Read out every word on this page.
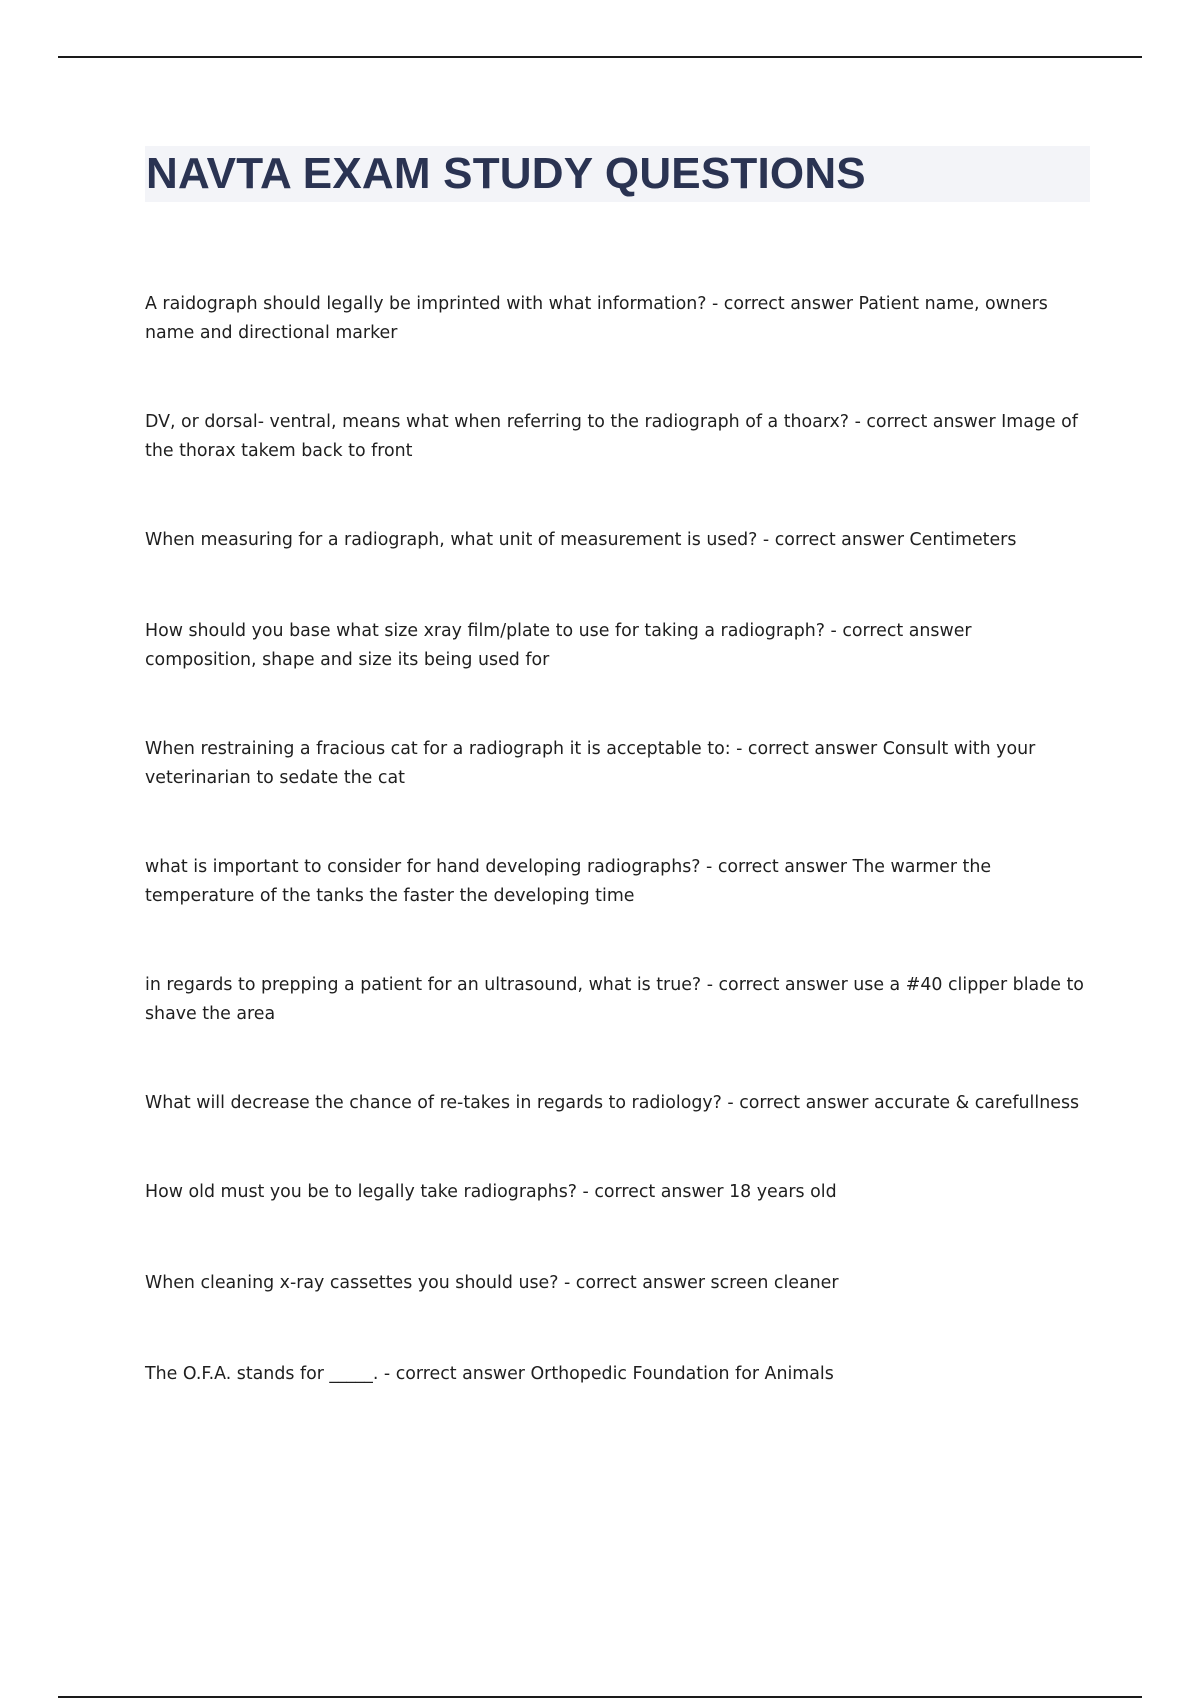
NAVTA EXAM STUDY QUESTIONS
A raidograph should legally be imprinted with what information? - correct answer Patient name, owners name and directional marker
DV, or dorsal- ventral, means what when referring to the radiograph of a thoarx? - correct answer Image of the thorax takem back to front
When measuring for a radiograph, what unit of measurement is used? - correct answer Centimeters
How should you base what size xray film/plate to use for taking a radiograph? - correct answer composition, shape and size its being used for
When restraining a fracious cat for a radiograph it is acceptable to: - correct answer Consult with your veterinarian to sedate the cat
what is important to consider for hand developing radiographs? - correct answer The warmer the temperature of the tanks the faster the developing time
in regards to prepping a patient for an ultrasound, what is true? - correct answer use a #40 clipper blade to shave the area
What will decrease the chance of re-takes in regards to radiology? - correct answer accurate & carefullness
How old must you be to legally take radiographs? - correct answer 18 years old
When cleaning x-ray cassettes you should use? - correct answer screen cleaner
The O.F.A. stands for _____. - correct answer Orthopedic Foundation for Animals
